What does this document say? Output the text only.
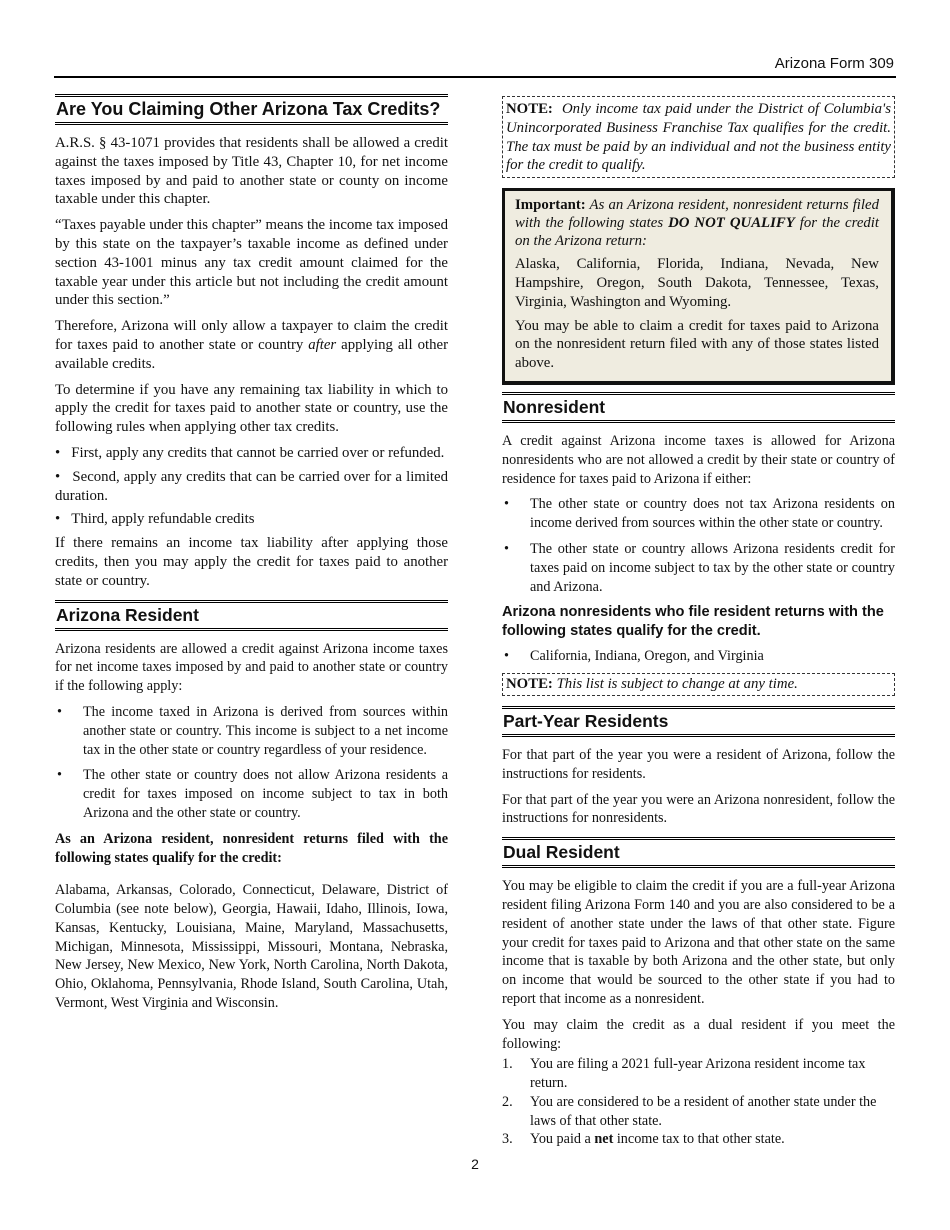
Arizona Form 309
Are You Claiming Other Arizona Tax Credits?

A.R.S. § 43-1071 provides that residents shall be allowed a credit against the taxes imposed by Title 43, Chapter 10, for net income taxes imposed by and paid to another state or county on income taxable under this chapter.

“Taxes payable under this chapter” means the income tax imposed by this state on the taxpayer’s taxable income as defined under section 43-1001 minus any tax credit amount claimed for the taxable year under this article but not including the credit amount under this section.”

Therefore, Arizona will only allow a taxpayer to claim the credit for taxes paid to another state or country after applying all other available credits.

To determine if you have any remaining tax liability in which to apply the credit for taxes paid to another state or country, use the following rules when applying other tax credits.

•   First, apply any credits that cannot be carried over or refunded.

•   Second, apply any credits that can be carried over for a limited duration.

•   Third, apply refundable credits

If there remains an income tax liability after applying those credits, then you may apply the credit for taxes paid to another state or country.

Arizona Resident

Arizona residents are allowed a credit against Arizona income taxes for net income taxes imposed by and paid to another state or country if the following apply:

• The income taxed in Arizona is derived from sources within another state or country. This income is subject to a net income tax in the other state or country regardless of your residence.
• The other state or country does not allow Arizona residents a credit for taxes imposed on income subject to tax in both Arizona and the other state or country.

As an Arizona resident, nonresident returns filed with the following states qualify for the credit:

Alabama, Arkansas, Colorado, Connecticut, Delaware, District of Columbia (see note below), Georgia, Hawaii, Idaho, Illinois, Iowa, Kansas, Kentucky, Louisiana, Maine, Maryland, Massachusetts, Michigan, Minnesota, Mississippi, Missouri, Montana, Nebraska, New Jersey, New Mexico, New York, North Carolina, North Dakota, Ohio, Oklahoma, Pennsylvania, Rhode Island, South Carolina, Utah, Vermont, West Virginia and Wisconsin.

NOTE: Only income tax paid under the District of Columbia's Unincorporated Business Franchise Tax qualifies for the credit. The tax must be paid by an individual and not the business entity for the credit to qualify.

Important: As an Arizona resident, nonresident returns filed with the following states DO NOT QUALIFY for the credit on the Arizona return:

Alaska, California, Florida, Indiana, Nevada, New Hampshire, Oregon, South Dakota, Tennessee, Texas, Virginia, Washington and Wyoming.

You may be able to claim a credit for taxes paid to Arizona on the nonresident return filed with any of those states listed above.

Nonresident

A credit against Arizona income taxes is allowed for Arizona nonresidents who are not allowed a credit by their state or country of residence for taxes paid to Arizona if either:

• The other state or country does not tax Arizona residents on income derived from sources within the other state or country.
• The other state or country allows Arizona residents credit for taxes paid on income subject to tax by the other state or country and Arizona.
Arizona nonresidents who file resident returns with the following states qualify for the credit.
• California, Indiana, Oregon, and Virginia

NOTE: This list is subject to change at any time.

Part-Year Residents

For that part of the year you were a resident of Arizona, follow the instructions for residents.

For that part of the year you were an Arizona nonresident, follow the instructions for nonresidents.

Dual Resident

You may be eligible to claim the credit if you are a full-year Arizona resident filing Arizona Form 140 and you are also considered to be a resident of another state under the laws of that other state. Figure your credit for taxes paid to Arizona and that other state on the same income that is taxable by both Arizona and the other state, but only on income that would be sourced to the other state if you had to report that income as a nonresident.

You may claim the credit as a dual resident if you meet the following:

1. You are filing a 2021 full-year Arizona resident income tax return.
2. You are considered to be a resident of another state under the laws of that other state.
3. You paid a net income tax to that other state.
2
